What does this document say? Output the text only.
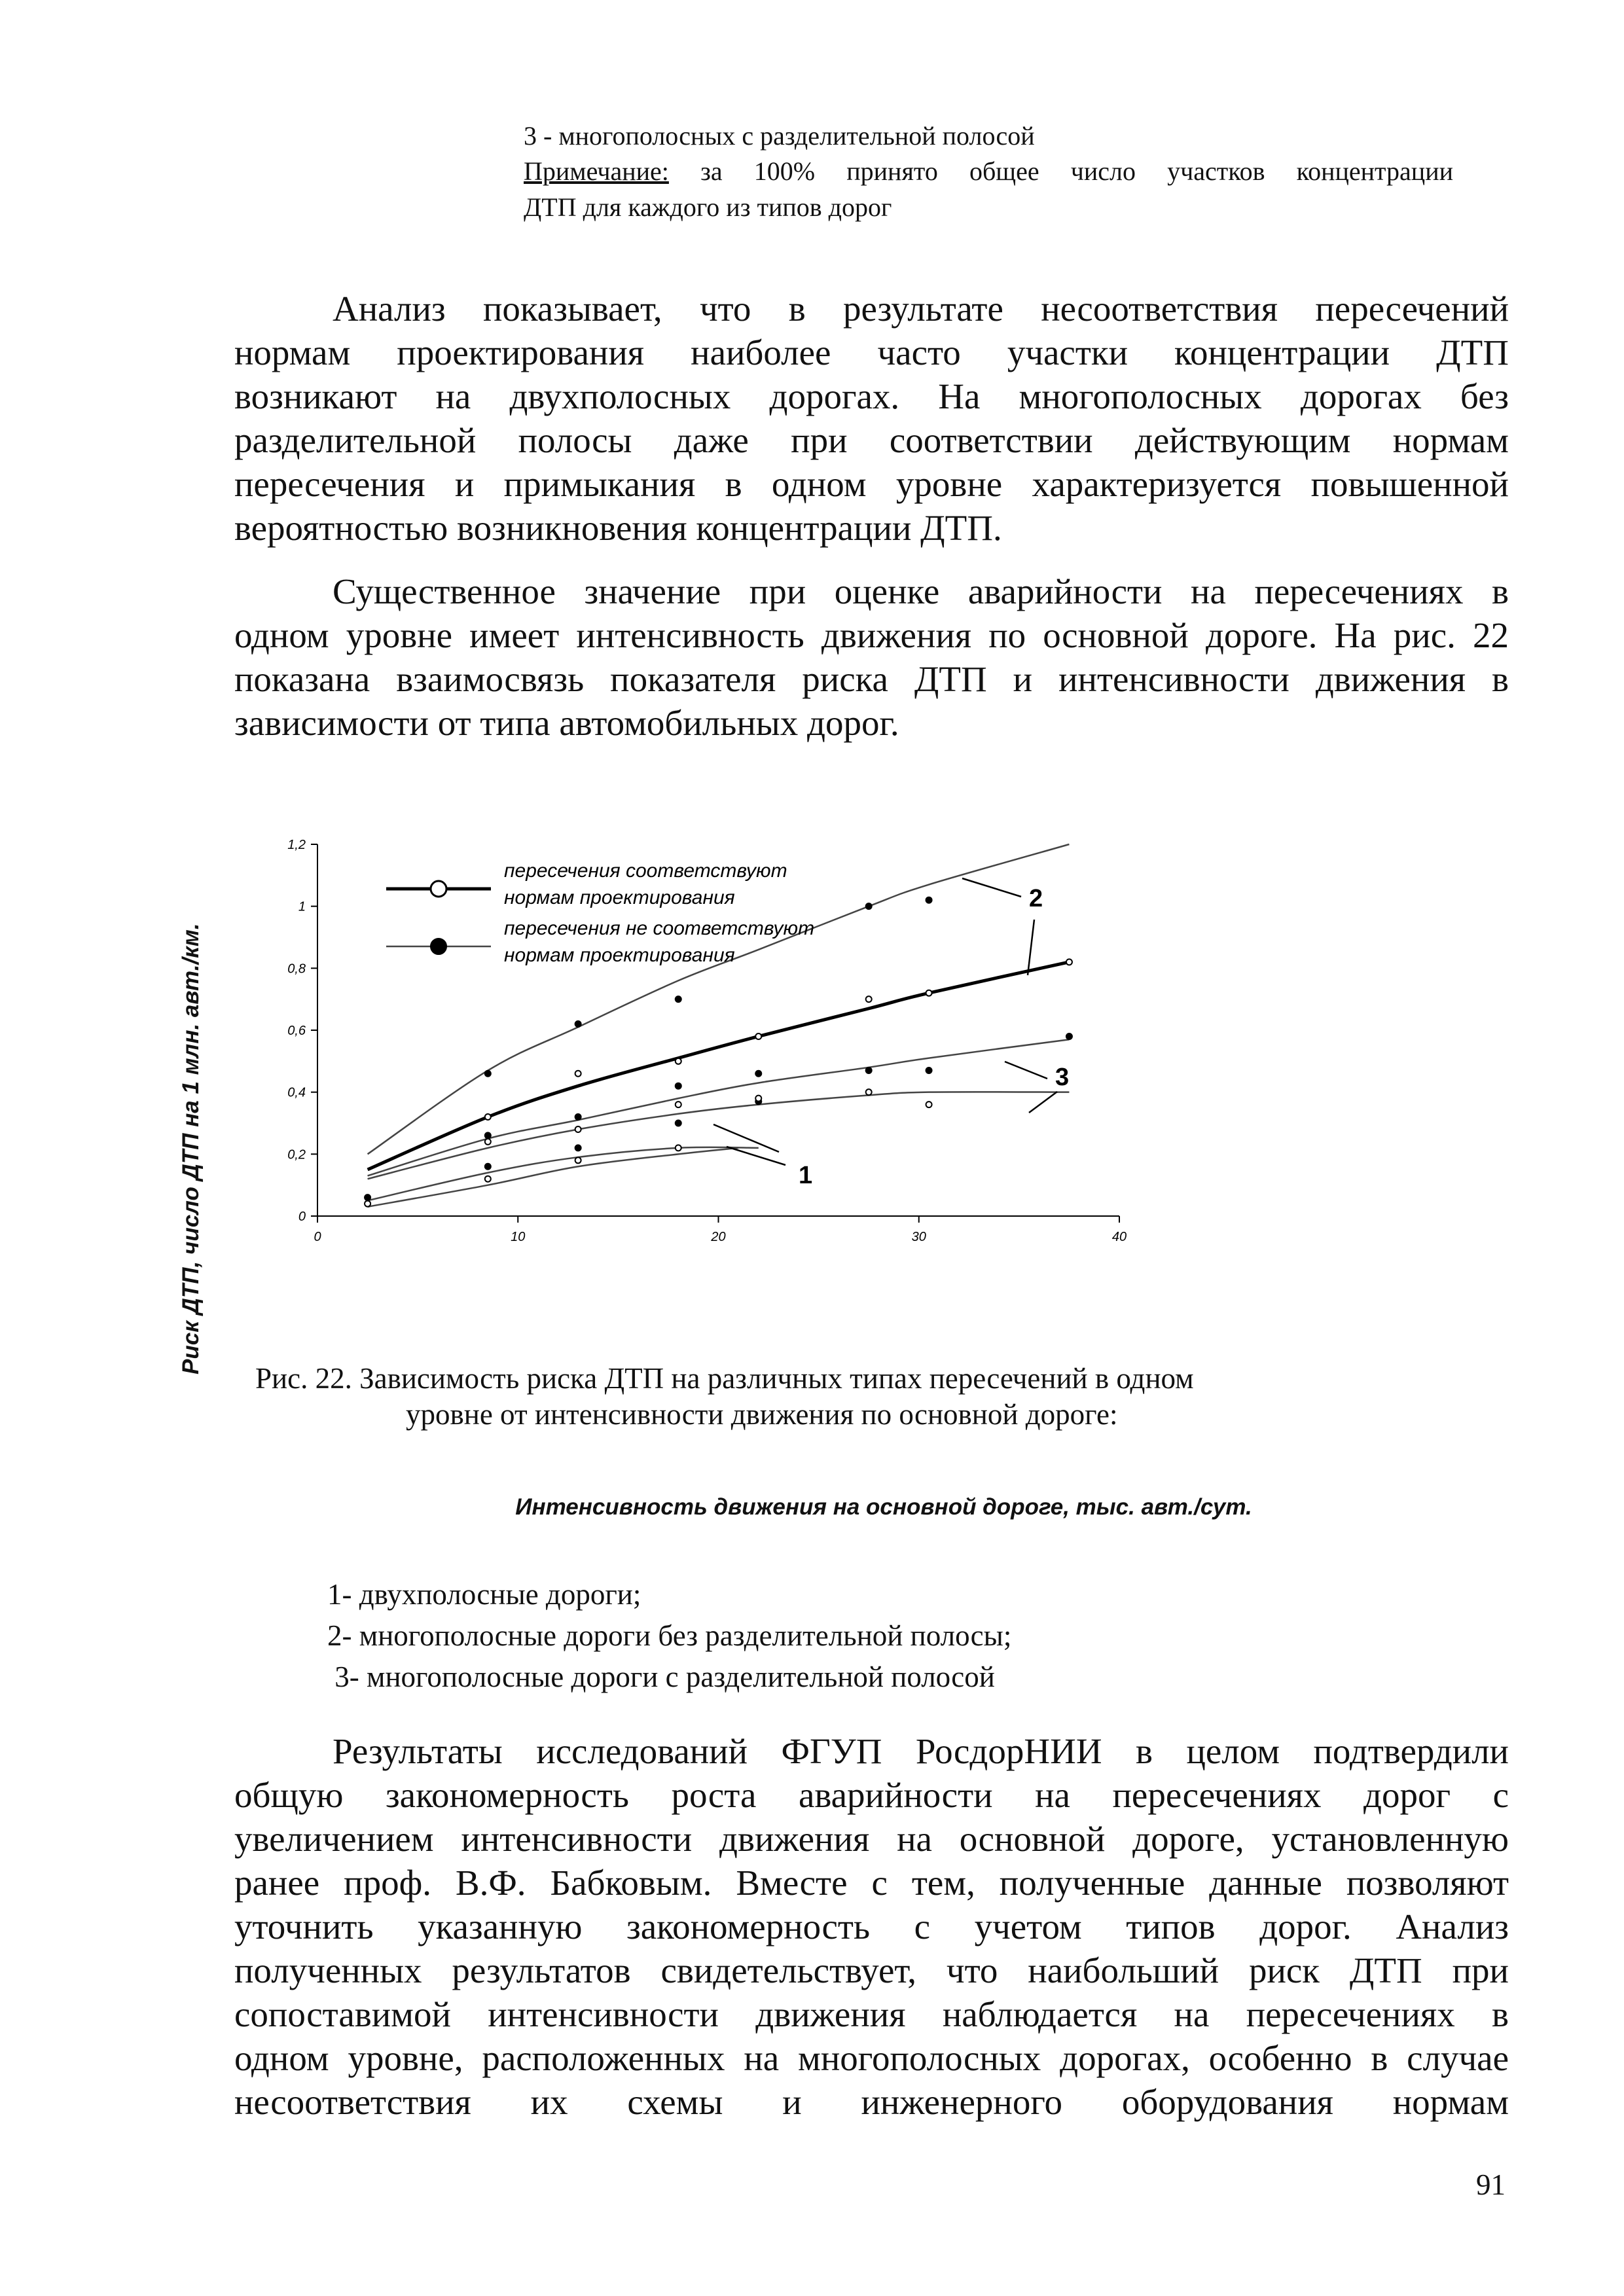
3 - многополосных с разделительной полосой
Примечание: за 100% принято общее число участков концентрации
ДТП для каждого из типов дорог
Анализ показывает, что в результате несоответствия пересечений
нормам проектирования наиболее часто участки концентрации ДТП
возникают на двухполосных дорогах. На многополосных дорогах без
разделительной полосы даже при соответствии действующим нормам
пересечения и примыкания в одном уровне характеризуется повышенной
вероятностью возникновения концентрации ДТП.
Существенное значение при оценке аварийности на пересечениях в
одном уровне имеет интенсивность движения по основной дороге. На рис. 22
показана взаимосвязь показателя риска ДТП и интенсивности движения в
зависимости от типа автомобильных дорог.
Риск ДТП, число ДТП на 1 млн. авт./км.	0
0,2
0,4
0,6
0,8
1
1,2
0	10	20	30	40
пересечения соответствуют
нормам проектирования
пересечения не соответствуют
нормам проектирования
1
2
3
Рис. 22. Зависимость риска ДТП на различных типах пересечений в одном
уровне от интенсивности движения по основной дороге:
Интенсивность движения на основной дороге, тыс. авт./сут.
1- двухполосные дороги;
2- многополосные дороги без разделительной полосы;
3- многополосные дороги с разделительной полосой
Результаты исследований ФГУП РосдорНИИ в целом подтвердили
общую закономерность роста аварийности на пересечениях дорог с
увеличением интенсивности движения на основной дороге, установленную
ранее проф. В.Ф. Бабковым. Вместе с тем, полученные данные позволяют
уточнить указанную закономерность с учетом типов дорог. Анализ
полученных результатов свидетельствует, что наибольший риск ДТП при
сопоставимой интенсивности движения наблюдается на пересечениях в
одном уровне, расположенных на многополосных дорогах, особенно в случае
несоответствия их схемы и инженерного оборудования нормам
91
